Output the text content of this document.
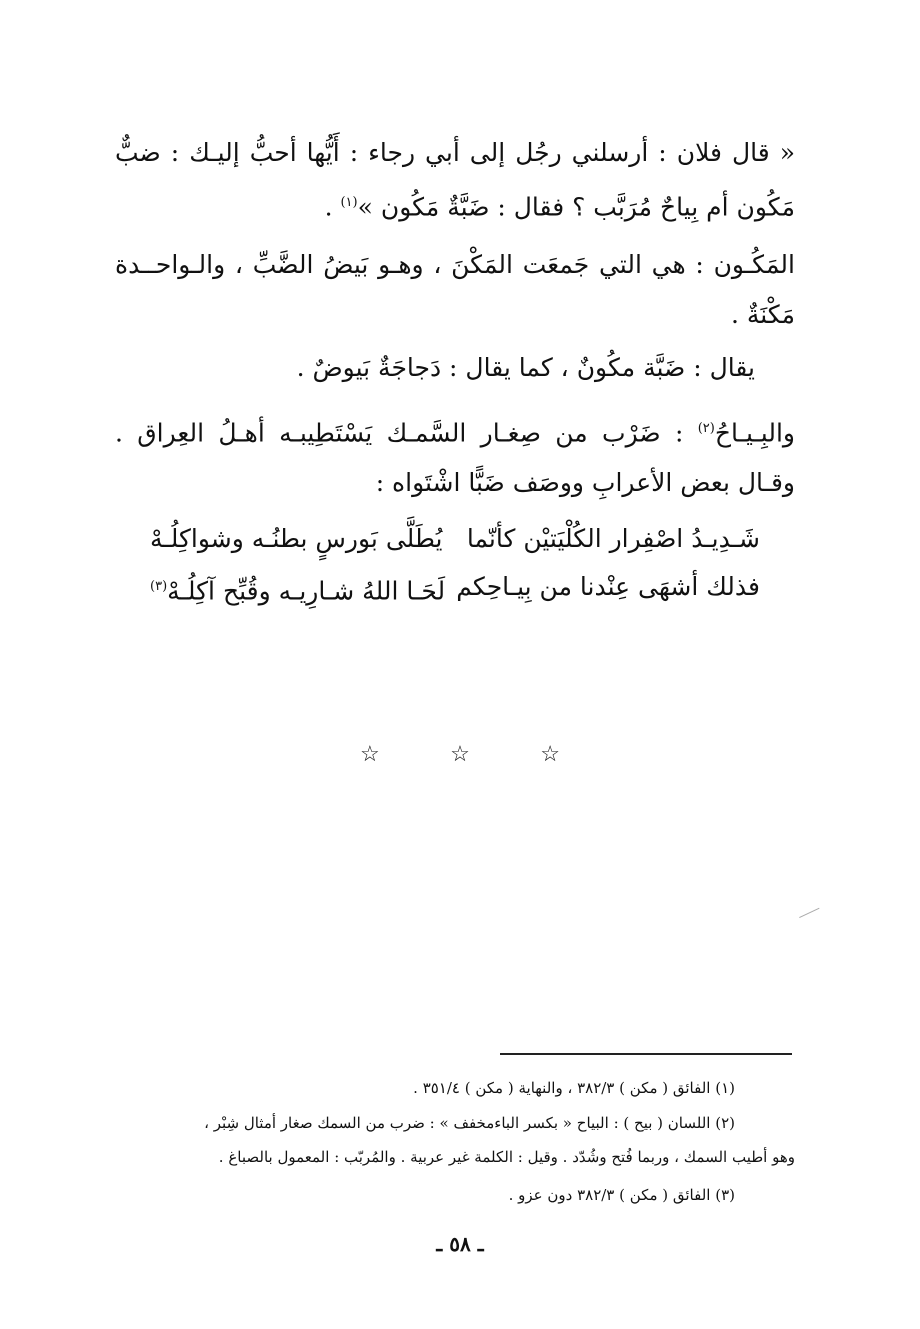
« قال فلان : أرسلني رجُل إلى أبي رجاء : أَيُّها أحبُّ إليـك : ضبٌّ مَكُون أم بِياحٌ مُرَبَّب ؟ فقال : ضَبَّةٌ مَكُون »$^{(١)}$ .
المَكُـون : هي التي جَمعَت المَكْنَ ، وهـو بَيضُ الضَّبِّ ، والـواحــدة مَكْنَةٌ .
يقال : ضَبَّة مكُونٌ ، كما يقال : دَجاجَةٌ بَيوضٌ .
والبِـيـاحُ$^{(٢)}$ : ضَرْب من صِغـار السَّمـك يَسْتَطِيبـه أهـلُ العِراق . وقـال بعض الأعرابِ ووصَف ضَبًّا اشْتَواه :
شَـدِيـدُ اصْفِرار الكُلْيَتيْن كأنّما
يُطَلَّى بَورسٍ بطنُـه وشواكِلُـهْ
فذلك أشهَى عِنْدنا من بِيـاحِكم
لَحَـا اللهُ شـارِيـه وقُبِّح آكِلُـهْ$^{(٣)}$
☆	☆	☆
(١) الفائق ( مكن ) ٣٨٢/٣ ، والنهاية ( مكن ) ٣٥١/٤ .
(٢) اللسان ( بيح ) : البياح « بكسر الباءمخفف » : ضرب من السمك صغار أمثال شِبْر ،
وهو أطيب السمك ، وربما فُتح وشُدّد . وقيل : الكلمة غير عربية . والمُربّب : المعمول بالصباغ .
(٣) الفائق ( مكن ) ٣٨٢/٣ دون عزو .
ـ ٥٨ ـ
